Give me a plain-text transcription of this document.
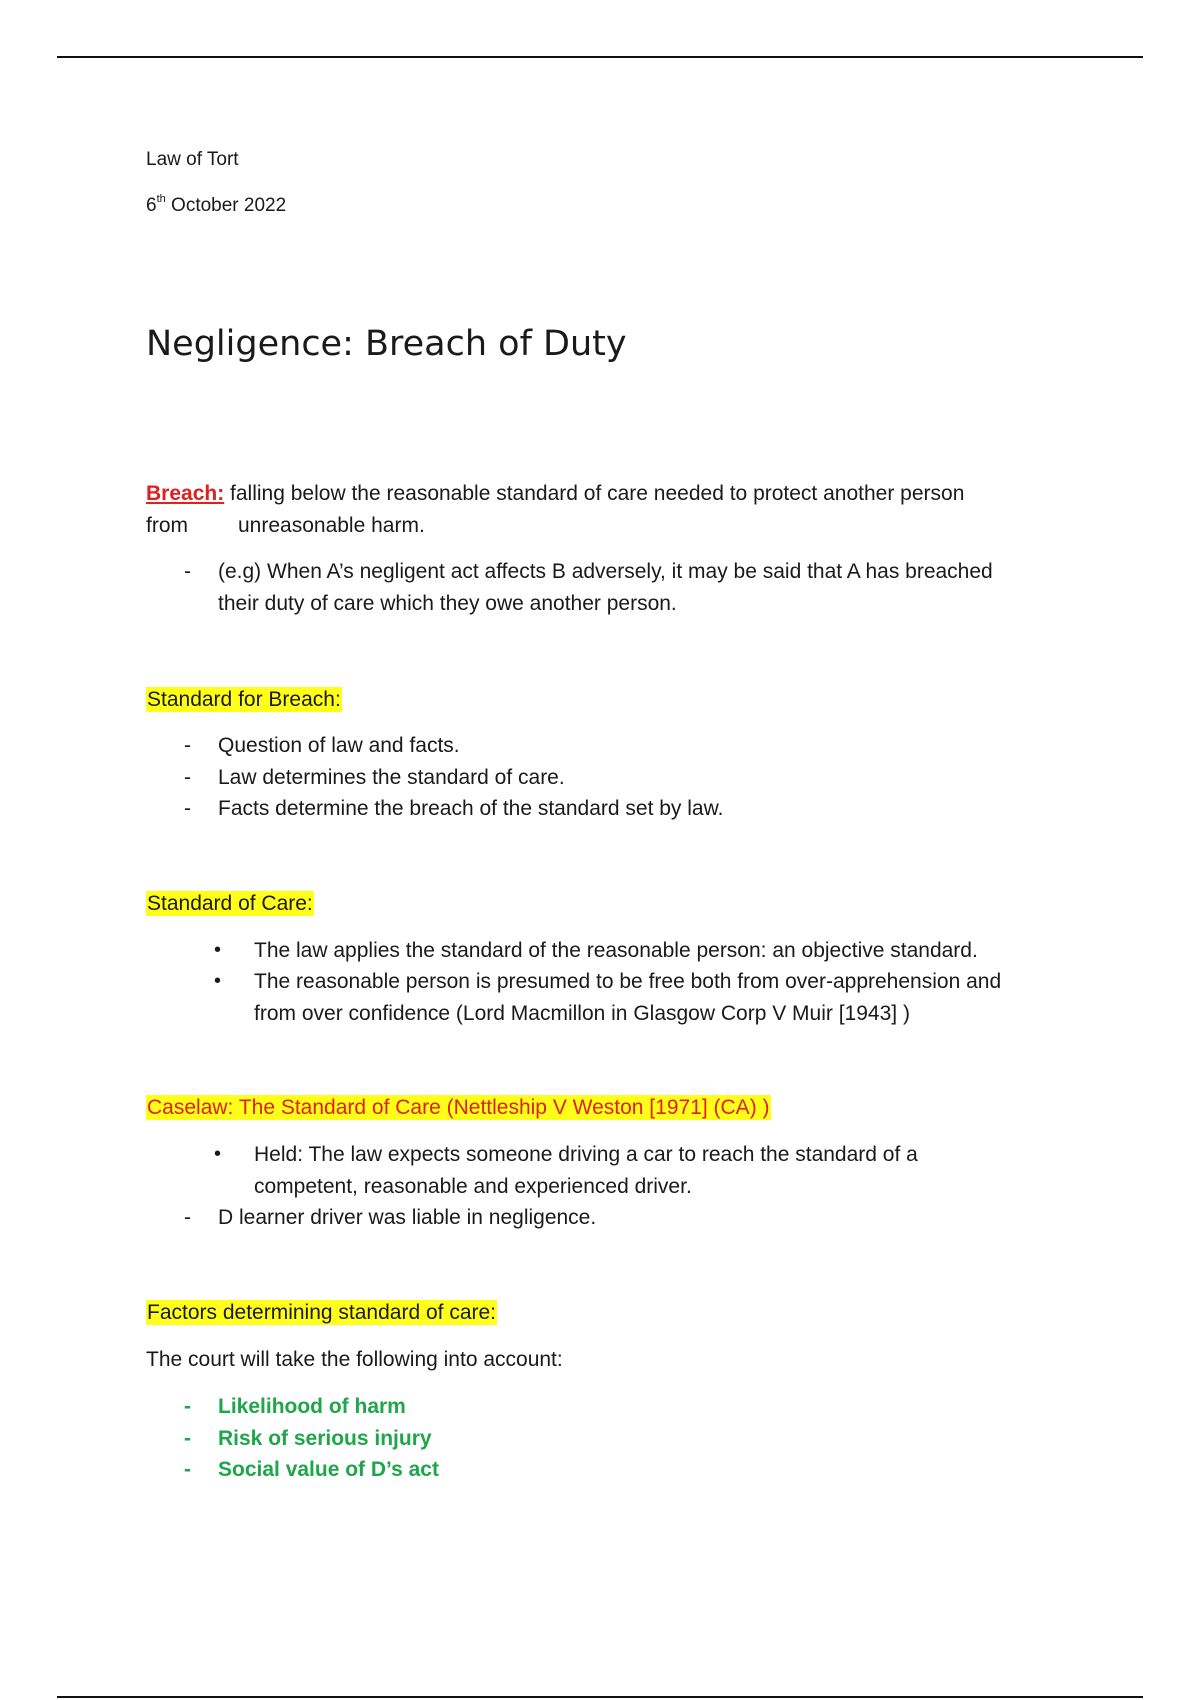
Law of Tort
6th October 2022
Negligence: Breach of Duty
Breach: falling below the reasonable standard of care needed to protect another person
from unreasonable harm.
- (e.g) When A’s negligent act affects B adversely, it may be said that A has breached
their duty of care which they owe another person.
Standard for Breach:
- Question of law and facts.
- Law determines the standard of care.
- Facts determine the breach of the standard set by law.
Standard of Care:
• The law applies the standard of the reasonable person: an objective standard.
• The reasonable person is presumed to be free both from over-apprehension and
from over confidence (Lord Macmillon in Glasgow Corp V Muir [1943] )
Caselaw: The Standard of Care (Nettleship V Weston [1971] (CA) )
• Held: The law expects someone driving a car to reach the standard of a
competent, reasonable and experienced driver.
- D learner driver was liable in negligence.
Factors determining standard of care:
The court will take the following into account:
- Likelihood of harm
- Risk of serious injury
- Social value of D’s act
